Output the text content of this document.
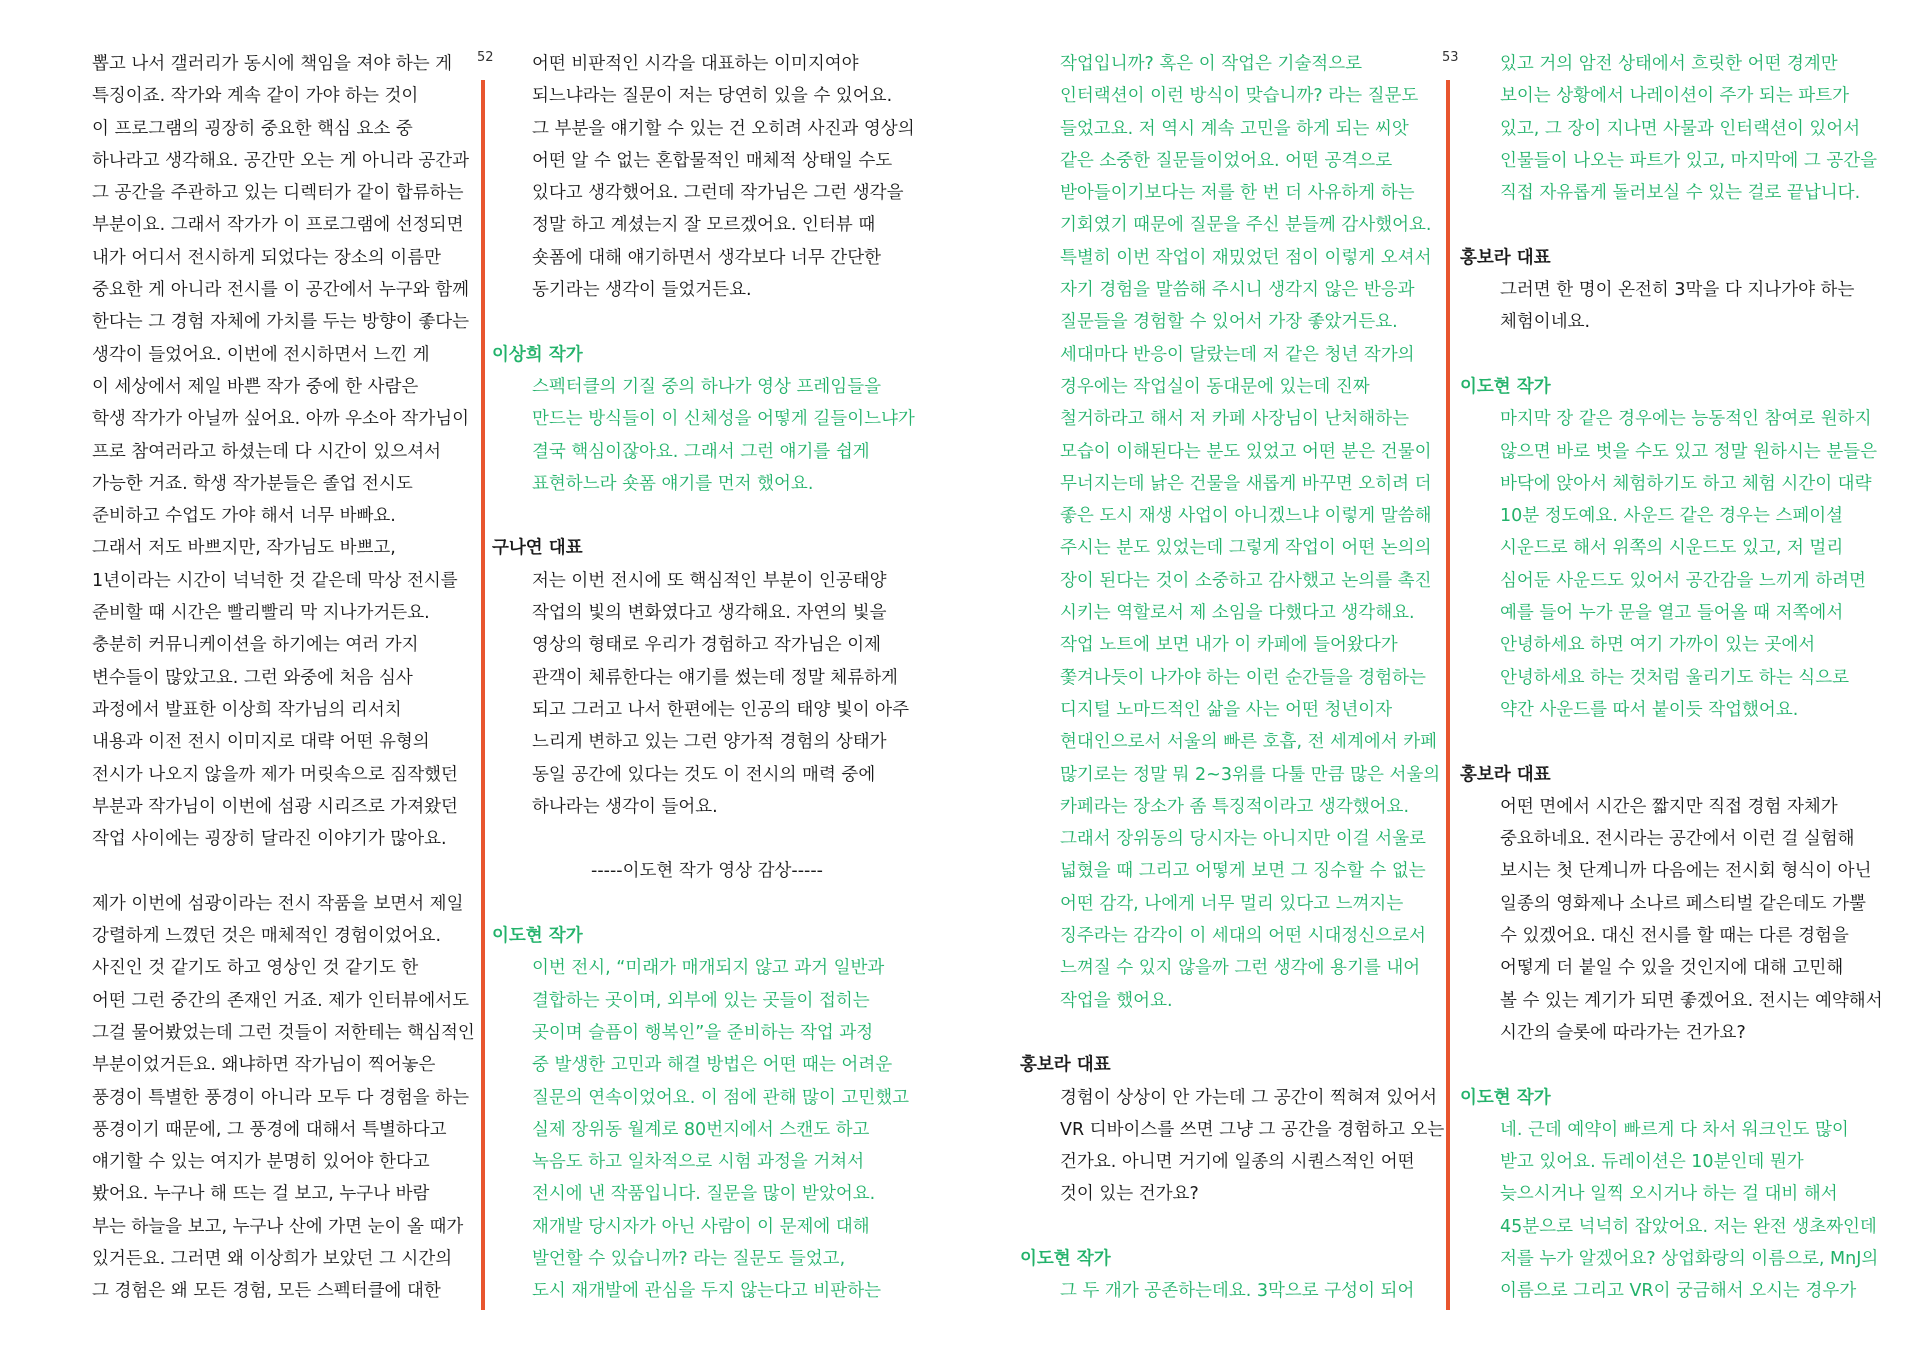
뽑고 나서 갤러리가 동시에 책임을 져야 하는 게
특징이죠. 작가와 계속 같이 가야 하는 것이
이 프로그램의 굉장히 중요한 핵심 요소 중
하나라고 생각해요. 공간만 오는 게 아니라 공간과
그 공간을 주관하고 있는 디렉터가 같이 합류하는
부분이요. 그래서 작가가 이 프로그램에 선정되면
내가 어디서 전시하게 되었다는 장소의 이름만
중요한 게 아니라 전시를 이 공간에서 누구와 함께
한다는 그 경험 자체에 가치를 두는 방향이 좋다는
생각이 들었어요. 이번에 전시하면서 느낀 게
이 세상에서 제일 바쁜 작가 중에 한 사람은
학생 작가가 아닐까 싶어요. 아까 우소아 작가님이
프로 참여러라고 하셨는데 다 시간이 있으셔서
가능한 거죠. 학생 작가분들은 졸업 전시도
준비하고 수업도 가야 해서 너무 바빠요.
그래서 저도 바쁘지만, 작가님도 바쁘고,
1년이라는 시간이 넉넉한 것 같은데 막상 전시를
준비할 때 시간은 빨리빨리 막 지나가거든요.
충분히 커뮤니케이션을 하기에는 여러 가지
변수들이 많았고요. 그런 와중에 처음 심사
과정에서 발표한 이상희 작가님의 리서치
내용과 이전 전시 이미지로 대략 어떤 유형의
전시가 나오지 않을까 제가 머릿속으로 짐작했던
부분과 작가님이 이번에 섬광 시리즈로 가져왔던
작업 사이에는 굉장히 달라진 이야기가 많아요.
제가 이번에 섬광이라는 전시 작품을 보면서 제일
강렬하게 느꼈던 것은 매체적인 경험이었어요.
사진인 것 같기도 하고 영상인 것 같기도 한
어떤 그런 중간의 존재인 거죠. 제가 인터뷰에서도
그걸 물어봤었는데 그런 것들이 저한테는 핵심적인
부분이었거든요. 왜냐하면 작가님이 찍어놓은
풍경이 특별한 풍경이 아니라 모두 다 경험을 하는
풍경이기 때문에, 그 풍경에 대해서 특별하다고
얘기할 수 있는 여지가 분명히 있어야 한다고
봤어요. 누구나 해 뜨는 걸 보고, 누구나 바람
부는 하늘을 보고, 누구나 산에 가면 눈이 올 때가
있거든요. 그러면 왜 이상희가 보았던 그 시간의
그 경험은 왜 모든 경험, 모든 스펙터클에 대한
52	어떤 비판적인 시각을 대표하는 이미지여야
되느냐라는 질문이 저는 당연히 있을 수 있어요.
그 부분을 얘기할 수 있는 건 오히려 사진과 영상의
어떤 알 수 없는 혼합물적인 매체적 상태일 수도
있다고 생각했어요. 그런데 작가님은 그런 생각을
정말 하고 계셨는지 잘 모르겠어요. 인터뷰 때
숏폼에 대해 얘기하면서 생각보다 너무 간단한
동기라는 생각이 들었거든요.
이상희 작가
스펙터클의 기질 중의 하나가 영상 프레임들을
만드는 방식들이 이 신체성을 어떻게 길들이느냐가
결국 핵심이잖아요. 그래서 그런 얘기를 쉽게
표현하느라 숏폼 얘기를 먼저 했어요.
구나연 대표
저는 이번 전시에 또 핵심적인 부분이 인공태양
작업의 빛의 변화였다고 생각해요. 자연의 빛을
영상의 형태로 우리가 경험하고 작가님은 이제
관객이 체류한다는 얘기를 썼는데 정말 체류하게
되고 그러고 나서 한편에는 인공의 태양 빛이 아주
느리게 변하고 있는 그런 양가적 경험의 상태가
동일 공간에 있다는 것도 이 전시의 매력 중에
하나라는 생각이 들어요.
-----이도현 작가 영상 감상-----
이도현 작가
이번 전시, “미래가 매개되지 않고 과거 일반과
결합하는 곳이며, 외부에 있는 곳들이 접히는
곳이며 슬픔이 행복인”을 준비하는 작업 과정
중 발생한 고민과 해결 방법은 어떤 때는 어려운
질문의 연속이었어요. 이 점에 관해 많이 고민했고
실제 장위동 월계로 80번지에서 스캔도 하고
녹음도 하고 일차적으로 시험 과정을 거쳐서
전시에 낸 작품입니다. 질문을 많이 받았어요.
재개발 당시자가 아닌 사람이 이 문제에 대해
발언할 수 있습니까? 라는 질문도 들었고,
도시 재개발에 관심을 두지 않는다고 비판하는
작업입니까? 혹은 이 작업은 기술적으로
인터랙션이 이런 방식이 맞습니까? 라는 질문도
들었고요. 저 역시 계속 고민을 하게 되는 씨앗
같은 소중한 질문들이었어요. 어떤 공격으로
받아들이기보다는 저를 한 번 더 사유하게 하는
기회였기 때문에 질문을 주신 분들께 감사했어요.
특별히 이번 작업이 재밌었던 점이 이렇게 오셔서
자기 경험을 말씀해 주시니 생각지 않은 반응과
질문들을 경험할 수 있어서 가장 좋았거든요.
세대마다 반응이 달랐는데 저 같은 청년 작가의
경우에는 작업실이 동대문에 있는데 진짜
철거하라고 해서 저 카페 사장님이 난처해하는
모습이 이해된다는 분도 있었고 어떤 분은 건물이
무너지는데 낡은 건물을 새롭게 바꾸면 오히려 더
좋은 도시 재생 사업이 아니겠느냐 이렇게 말씀해
주시는 분도 있었는데 그렇게 작업이 어떤 논의의
장이 된다는 것이 소중하고 감사했고 논의를 촉진
시키는 역할로서 제 소임을 다했다고 생각해요.
작업 노트에 보면 내가 이 카페에 들어왔다가
쫓겨나듯이 나가야 하는 이런 순간들을 경험하는
디지털 노마드적인 삶을 사는 어떤 청년이자
현대인으로서 서울의 빠른 호흡, 전 세계에서 카페
많기로는 정말 뭐 2~3위를 다툴 만큼 많은 서울의
카페라는 장소가 좀 특징적이라고 생각했어요.
그래서 장위동의 당시자는 아니지만 이걸 서울로
넓혔을 때 그리고 어떻게 보면 그 징수할 수 없는
어떤 감각, 나에게 너무 멀리 있다고 느껴지는
징주라는 감각이 이 세대의 어떤 시대정신으로서
느껴질 수 있지 않을까 그런 생각에 용기를 내어
작업을 했어요.
홍보라 대표
경험이 상상이 안 가는데 그 공간이 찍혀져 있어서
VR 디바이스를 쓰면 그냥 그 공간을 경험하고 오는
건가요. 아니면 거기에 일종의 시퀀스적인 어떤
것이 있는 건가요?
이도현 작가
그 두 개가 공존하는데요. 3막으로 구성이 되어
53	있고 거의 암전 상태에서 흐릿한 어떤 경계만
보이는 상황에서 나레이션이 주가 되는 파트가
있고, 그 장이 지나면 사물과 인터랙션이 있어서
인물들이 나오는 파트가 있고, 마지막에 그 공간을
직접 자유롭게 돌러보실 수 있는 걸로 끝납니다.
홍보라 대표
그러면 한 명이 온전히 3막을 다 지나가야 하는
체험이네요.
이도현 작가
마지막 장 같은 경우에는 능동적인 참여로 원하지
않으면 바로 벗을 수도 있고 정말 원하시는 분들은
바닥에 앉아서 체험하기도 하고 체험 시간이 대략
10분 정도예요. 사운드 같은 경우는 스페이셜
시운드로 해서 위쪽의 시운드도 있고, 저 멀리
심어둔 사운드도 있어서 공간감을 느끼게 하려면
예를 들어 누가 문을 열고 들어올 때 저쪽에서
안녕하세요 하면 여기 가까이 있는 곳에서
안녕하세요 하는 것처럼 울리기도 하는 식으로
약간 사운드를 따서 붙이듯 작업했어요.
홍보라 대표
어떤 면에서 시간은 짧지만 직접 경험 자체가
중요하네요. 전시라는 공간에서 이런 걸 실험해
보시는 첫 단계니까 다음에는 전시회 형식이 아닌
일종의 영화제나 소나르 페스티벌 같은데도 가뿔
수 있겠어요. 대신 전시를 할 때는 다른 경험을
어떻게 더 붙일 수 있을 것인지에 대해 고민해
볼 수 있는 계기가 되면 좋겠어요. 전시는 예약해서
시간의 슬롯에 따라가는 건가요?
이도현 작가
네. 근데 예약이 빠르게 다 차서 워크인도 많이
받고 있어요. 듀레이션은 10분인데 뭔가
늦으시거나 일찍 오시거나 하는 걸 대비 해서
45분으로 넉넉히 잡았어요. 저는 완전 생초짜인데
저를 누가 알겠어요? 상업화랑의 이름으로, MnJ의
이름으로 그리고 VR이 궁금해서 오시는 경우가
